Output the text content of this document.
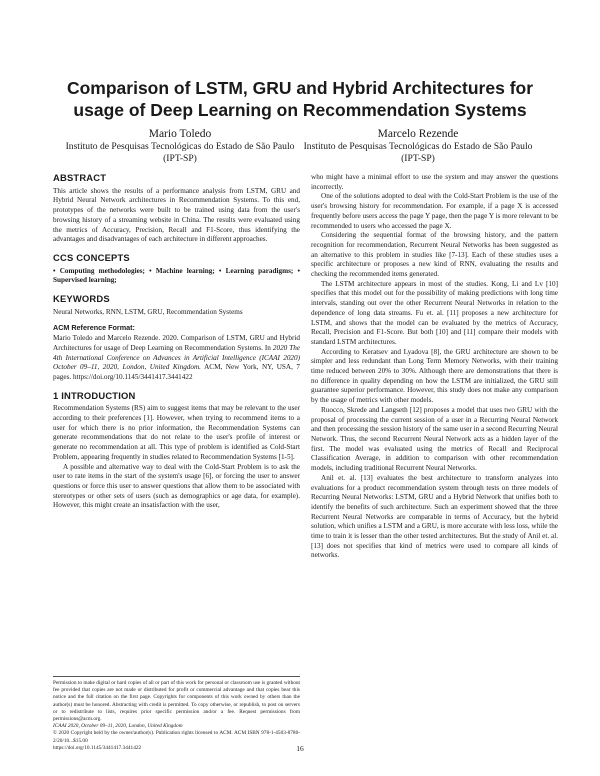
Comparison of LSTM, GRU and Hybrid Architectures for usage of Deep Learning on Recommendation Systems
Mario Toledo
Instituto de Pesquisas Tecnológicas do Estado de São Paulo
(IPT-SP)
Marcelo Rezende
Instituto de Pesquisas Tecnológicas do Estado de São Paulo
(IPT-SP)
ABSTRACT

This article shows the results of a performance analysis from LSTM, GRU and Hybrid Neural Network architectures in Recommendation Systems. To this end, prototypes of the networks were built to be trained using data from the user's browsing history of a streaming website in China. The results were evaluated using the metrics of Accuracy, Precision, Recall and F1-Score, thus identifying the advantages and disadvantages of each architecture in different approaches.

CCS CONCEPTS

• Computing methodologies; • Machine learning; • Learning paradigms; • Supervised learning;

KEYWORDS

Neural Networks, RNN, LSTM, GRU, Recommendation Systems

ACM Reference Format:

Mario Toledo and Marcelo Rezende. 2020. Comparison of LSTM, GRU and Hybrid Architectures for usage of Deep Learning on Recommendation Systems. In 2020 The 4th International Conference on Advances in Artificial Intelligence (ICAAI 2020) October 09–11, 2020, London, United Kingdom. ACM, New York, NY, USA, 7 pages. https://doi.org/10.1145/3441417.3441422

1 INTRODUCTION

Recommendation Systems (RS) aim to suggest items that may be relevant to the user according to their preferences [1]. However, when trying to recommend items to a user for which there is no prior information, the Recommendation Systems can generate recommendations that do not relate to the user's profile of interest or generate no recommendation at all. This type of problem is identified as Cold-Start Problem, appearing frequently in studies related to Recommendation Systems [1-5].

A possible and alternative way to deal with the Cold-Start Problem is to ask the user to rate items in the start of the system's usage [6], or forcing the user to answer questions or force this user to answer questions that allow them to be associated with stereotypes or other sets of users (such as demographics or age data, for example). However, this might create an insatisfaction with the user,

Permission to make digital or hard copies of all or part of this work for personal or classroom use is granted without fee provided that copies are not made or distributed for profit or commercial advantage and that copies bear this notice and the full citation on the first page. Copyrights for components of this work owned by others than the author(s) must be honored. Abstracting with credit is permitted. To copy otherwise, or republish, to post on servers or to redistribute to lists, requires prior specific permission and/or a fee. Request permissions from permissions@acm.org.

ICAAI 2020, October 09–11, 2020, London, United Kingdom

© 2020 Copyright held by the owner/author(s). Publication rights licensed to ACM. ACM ISBN 978-1-4503-8780-2/20/10...$15.00

https://doi.org/10.1145/3441417.3441422

who might have a minimal effort to use the system and may answer the questions incorrectly.

One of the solutions adopted to deal with the Cold-Start Problem is the use of the user's browsing history for recommendation. For example, if a page X is accessed frequently before users access the page Y page, then the page Y is more relevant to be recommended to users who accessed the page X.

Considering the sequential format of the browsing history, and the pattern recognition for recommendation, Recurrent Neural Networks has been suggested as an alternative to this problem in studies like [7-13]. Each of these studies uses a specific architecture or proposes a new kind of RNN, evaluating the results and checking the recommended items generated.

The LSTM architecture appears in most of the studies. Kong, Li and Lv [10] specifies that this model out for the possibility of making predictions with long time intervals, standing out over the other Recurrent Neural Networks in relation to the dependence of long data streams. Fu et. al. [11] proposes a new architecture for LSTM, and shows that the model can be evaluated by the metrics of Accuracy, Recall, Precision and F1-Score. But both [10] and [11] compare their models with standard LSTM architectures.

According to Keratsev and Lyadova [8], the GRU architecture are shown to be simpler and less redundant than Long Term Memory Networks, with their training time reduced between 20% to 30%. Although there are demonstrations that there is no difference in quality depending on how the LSTM are initialized, the GRU still guarantee superior performance. However, this study does not make any comparison by the usage of metrics with other models.

Ruocco, Skrede and Langseth [12] proposes a model that uses two GRU with the proposal of processing the current session of a user in a Recurring Neural Network and then processing the session history of the same user in a second Recurring Neural Network. Thus, the second Recurrent Neural Network acts as a hidden layer of the first. The model was evaluated using the metrics of Recall and Reciprocal Classification Average, in addition to comparison with other recommendation models, including traditional Recurrent Neural Networks.

Anil et. al. [13] evaluates the best architecture to transform analyzes into evaluations for a product recommendation system through tests on three models of Recurring Neural Networks: LSTM, GRU and a Hybrid Network that unifies both to identify the benefits of such architecture. Such an experiment showed that the three Recurrent Neural Networks are comparable in terms of Accuracy, but the hybrid solution, which unifies a LSTM and a GRU, is more accurate with less loss, while the time to train it is lesser than the other tested architectures. But the study of Anil et. al. [13] does not specifies that kind of metrics were used to compare all kinds of networks.

16
